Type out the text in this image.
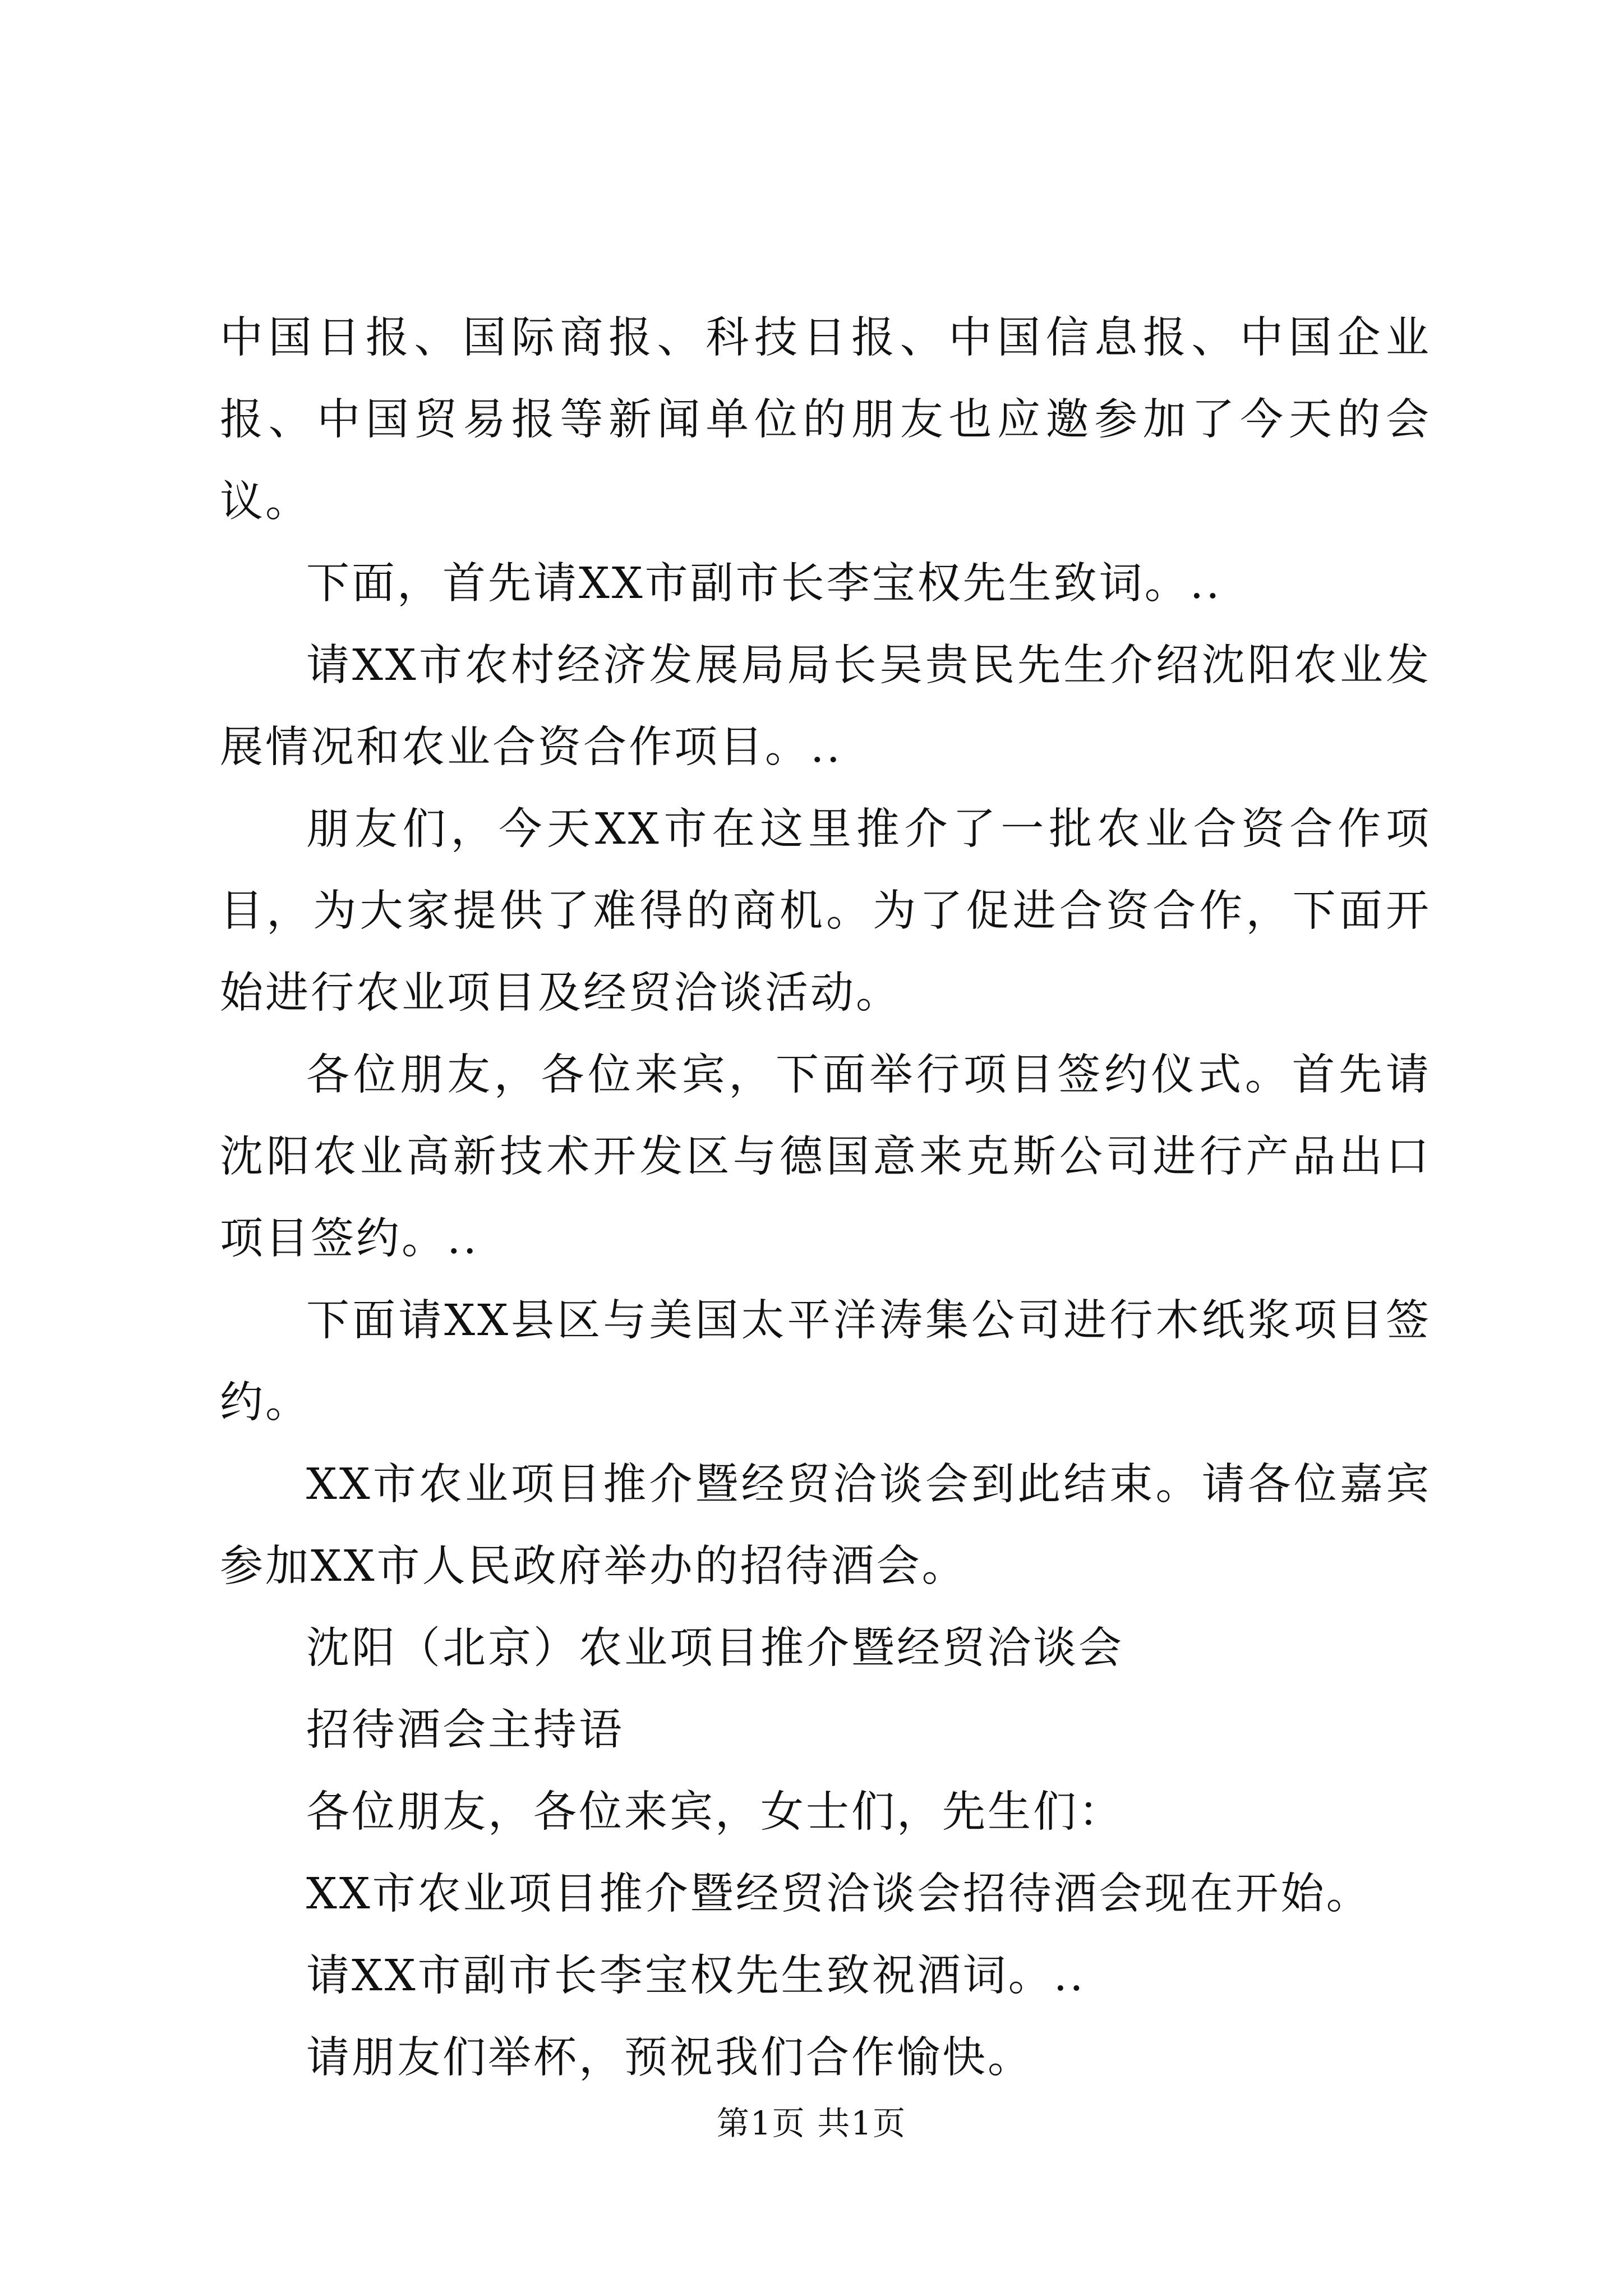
中国日报、国际商报、科技日报、中国信息报、中国企业报、中国贸易报等新闻单位的朋友也应邀参加了今天的会议。

下面，首先请XX市副市长李宝权先生致词。..

请XX市农村经济发展局局长吴贵民先生介绍沈阳农业发展情况和农业合资合作项目。..

朋友们，今天XX市在这里推介了一批农业合资合作项目，为大家提供了难得的商机。为了促进合资合作，下面开始进行农业项目及经贸洽谈活动。

各位朋友，各位来宾，下面举行项目签约仪式。首先请沈阳农业高新技术开发区与德国意来克斯公司进行产品出口项目签约。..

下面请XX县区与美国太平洋涛集公司进行木纸浆项目签约。

XX市农业项目推介暨经贸洽谈会到此结束。请各位嘉宾参加XX市人民政府举办的招待酒会。

沈阳（北京）农业项目推介暨经贸洽谈会

招待酒会主持语

各位朋友，各位来宾，女士们，先生们：

XX市农业项目推介暨经贸洽谈会招待酒会现在开始。

请XX市副市长李宝权先生致祝酒词。..

请朋友们举杯，预祝我们合作愉快。

第1页 共1页
